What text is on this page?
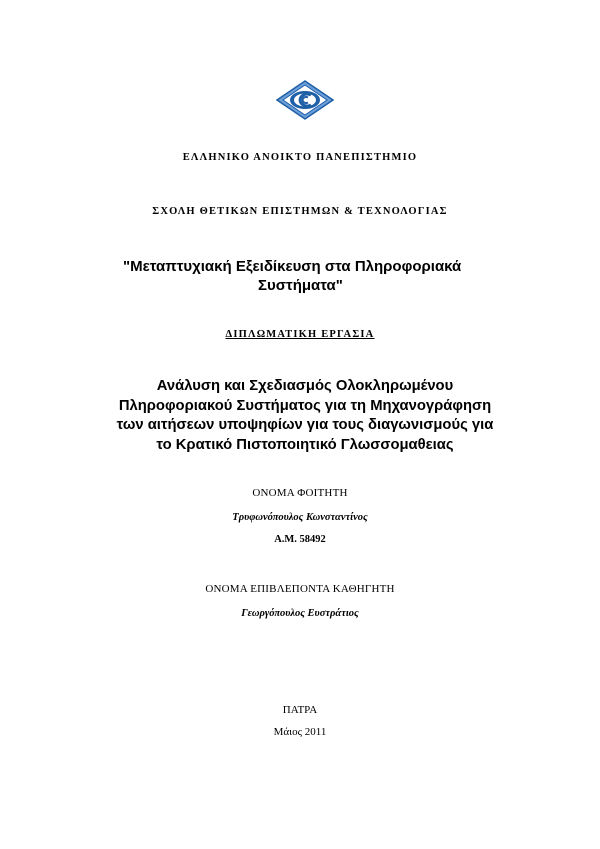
ΕΛΛΗΝΙΚΟ ΑΝΟΙΚΤΟ ΠΑΝΕΠΙΣΤΗΜΙΟ

ΣΧΟΛΗ ΘΕΤΙΚΩΝ ΕΠΙΣΤΗΜΩΝ & ΤΕΧΝΟΛΟΓΙΑΣ

"Μεταπτυχιακή Εξειδίκευση στα Πληροφοριακά
Συστήματα"

ΔΙΠΛΩΜΑΤΙΚΗ ΕΡΓΑΣΙΑ

Ανάλυση και Σχεδιασμός Ολοκληρωμένου
Πληροφοριακού Συστήματος για τη Μηχανογράφηση
των αιτήσεων υποψηφίων για τους διαγωνισμούς για
το Κρατικό Πιστοποιητικό Γλωσσομαθειας

ΟΝΟΜΑ ΦΟΙΤΗΤΗ

Τρυφωνόπουλος Κωνσταντίνος

Α.Μ. 58492

ΟΝΟΜΑ ΕΠΙΒΛΕΠΟΝΤΑ ΚΑΘΗΓΗΤΗ

Γεωργόπουλος Ευστράτιος

ΠΑΤΡΑ

Μάιος 2011
